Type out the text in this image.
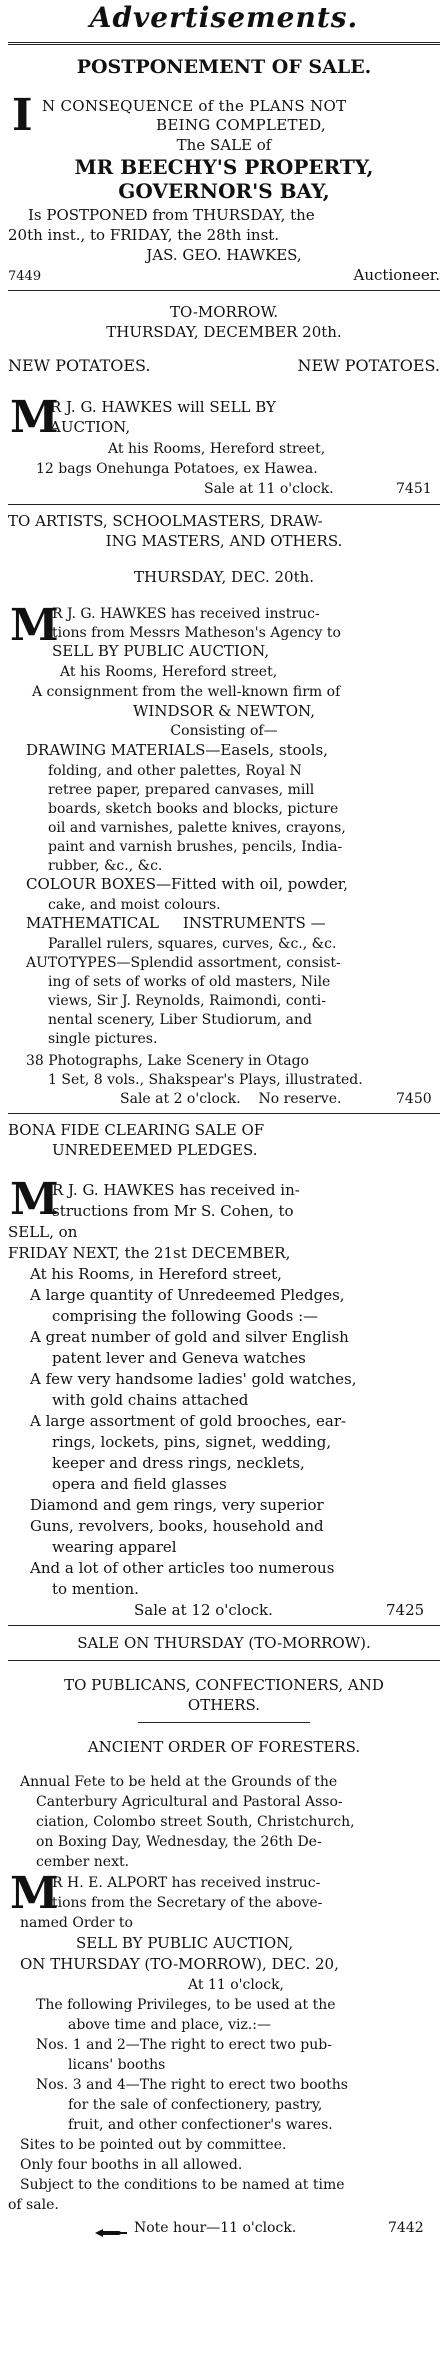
Advertisements.
POSTPONEMENT OF SALE.
I N CONSEQUENCE of the PLANS NOT
BEING COMPLETED,
The SALE of
MR BEECHY'S PROPERTY,
GOVERNOR'S BAY,
Is POSTPONED from THURSDAY, the
20th inst., to FRIDAY, the 28th inst.
JAS. GEO. HAWKES,
7449	Auctioneer.
TO-MORROW.
THURSDAY, DECEMBER 20th.
NEW POTATOES.	NEW POTATOES.
M
R J. G. HAWKES will SELL BY
AUCTION,
At his Rooms, Hereford street,
12 bags Onehunga Potatoes, ex Hawea.
Sale at 11 o'clock.	7451
TO ARTISTS, SCHOOLMASTERS, DRAW-
ING MASTERS, AND OTHERS.
THURSDAY, DEC. 20th.
M
R J. G. HAWKES has received instruc-
tions from Messrs Matheson's Agency to
SELL BY PUBLIC AUCTION,
At his Rooms, Hereford street,
A consignment from the well-known firm of
WINDSOR & NEWTON,
Consisting of—
DRAWING MATERIALS—Easels, stools,
folding, and other palettes, Royal N
retree paper, prepared canvases, mill
boards, sketch books and blocks, picture
oil and varnishes, palette knives, crayons,
paint and varnish brushes, pencils, India-
rubber, &c., &c.
COLOUR BOXES—Fitted with oil, powder,
cake, and moist colours.
MATHEMATICAL     INSTRUMENTS —
Parallel rulers, squares, curves, &c., &c.
AUTOTYPES—Splendid assortment, consist-
ing of sets of works of old masters, Nile
views, Sir J. Reynolds, Raimondi, conti-
nental scenery, Liber Studiorum, and
single pictures.
38 Photographs, Lake Scenery in Otago
1 Set, 8 vols., Shakspear's Plays, illustrated.
Sale at 2 o'clock.    No reserve.	7450
BONA FIDE CLEARING SALE OF
UNREDEEMED PLEDGES.
M
R J. G. HAWKES has received in-
structions from Mr S. Cohen, to
SELL, on
FRIDAY NEXT, the 21st DECEMBER,
At his Rooms, in Hereford street,
A large quantity of Unredeemed Pledges,
comprising the following Goods :—
A great number of gold and silver English
patent lever and Geneva watches
A few very handsome ladies' gold watches,
with gold chains attached
A large assortment of gold brooches, ear-
rings, lockets, pins, signet, wedding,
keeper and dress rings, necklets,
opera and field glasses
Diamond and gem rings, very superior
Guns, revolvers, books, household and
wearing apparel
And a lot of other articles too numerous
to mention.
Sale at 12 o'clock.	7425
SALE ON THURSDAY (TO-MORROW).
TO PUBLICANS, CONFECTIONERS, AND
OTHERS.
ANCIENT ORDER OF FORESTERS.
Annual Fete to be held at the Grounds of the
Canterbury Agricultural and Pastoral Asso-
ciation, Colombo street South, Christchurch,
on Boxing Day, Wednesday, the 26th De-
cember next.
M
R H. E. ALPORT has received instruc-
tions from the Secretary of the above-
named Order to
SELL BY PUBLIC AUCTION,
ON THURSDAY (TO-MORROW), DEC. 20,
At 11 o'clock,
The following Privileges, to be used at the
above time and place, viz.:—
Nos. 1 and 2—The right to erect two pub-
licans' booths
Nos. 3 and 4—The right to erect two booths
for the sale of confectionery, pastry,
fruit, and other confectioner's wares.
Sites to be pointed out by committee.
Only four booths in all allowed.
Subject to the conditions to be named at time
of sale.
Note hour—11 o'clock.	7442
